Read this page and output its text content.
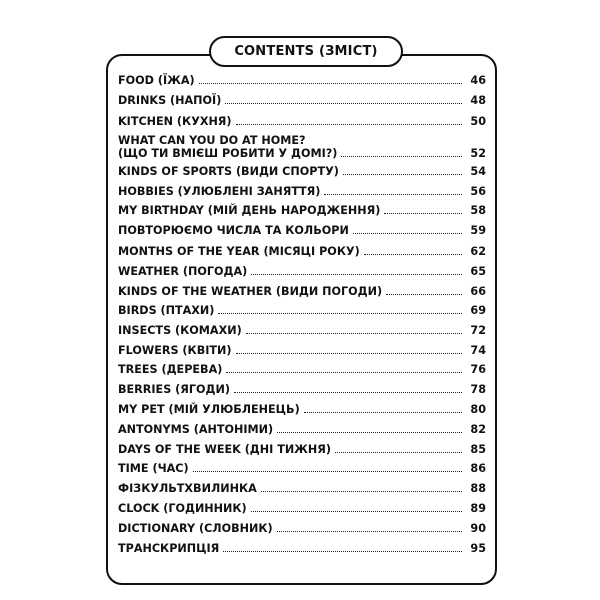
CONTENTS (ЗМІСТ)
FOOD (ЇЖА)	46
DRINKS (НАПОЇ)	48
KITCHEN (КУХНЯ)	50
WHAT CAN YOU DO AT HOME?
(ЩО ТИ ВМІЄШ РОБИТИ У ДОМІ?)	52
KINDS OF SPORTS (ВИДИ СПОРТУ)	54
HOBBIES (УЛЮБЛЕНІ ЗАНЯТТЯ)	56
MY BIRTHDAY (МІЙ ДЕНЬ НАРОДЖЕННЯ)	58
ПОВТОРЮЄМО ЧИСЛА ТА КОЛЬОРИ	59
MONTHS OF THE YEAR (МІСЯЦІ РОКУ)	62
WEATHER (ПОГОДА)	65
KINDS OF THE WEATHER (ВИДИ ПОГОДИ)	66
BIRDS (ПТАХИ)	69
INSECTS (КОМАХИ)	72
FLOWERS (КВІТИ)	74
TREES (ДЕРЕВА)	76
BERRIES (ЯГОДИ)	78
MY PET (МІЙ УЛЮБЛЕНЕЦЬ)	80
ANTONYMS (АНТОНІМИ)	82
DAYS OF THE WEEK (ДНІ ТИЖНЯ)	85
TIME (ЧАС)	86
ФІЗКУЛЬТХВИЛИНКА	88
CLOCK (ГОДИННИК)	89
DICTIONARY (СЛОВНИК)	90
ТРАНСКРИПЦІЯ	95
